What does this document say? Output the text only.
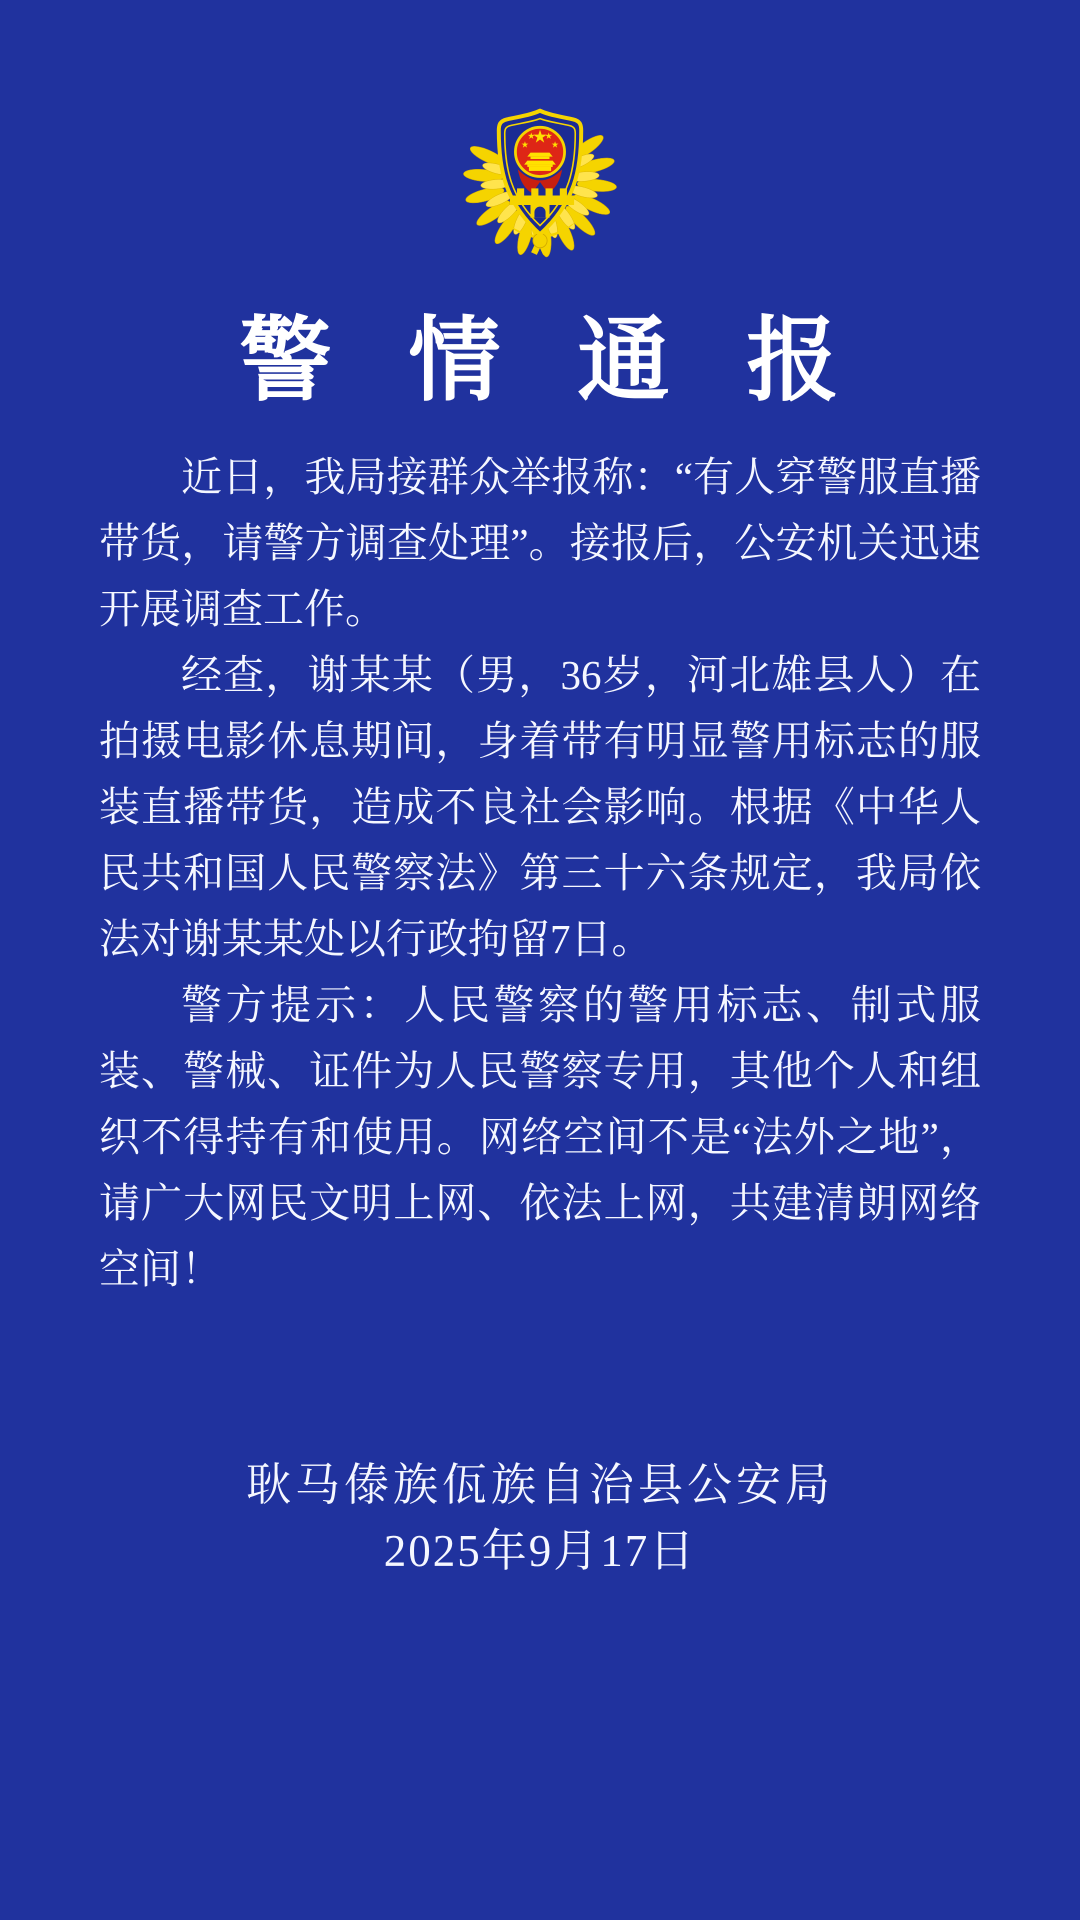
警 情 通 报

近日，我局接群众举报称：“有人穿警服直播带货，请警方调查处理”。接报后，公安机关迅速开展调查工作。

经查，谢某某（男，36岁，河北雄县人）在拍摄电影休息期间，身着带有明显警用标志的服装直播带货，造成不良社会影响。根据《中华人民共和国人民警察法》第三十六条规定，我局依法对谢某某处以行政拘留7日。

警方提示：人民警察的警用标志、制式服装、警械、证件为人民警察专用，其他个人和组织不得持有和使用。网络空间不是“法外之地”，请广大网民文明上网、依法上网，共建清朗网络空间！

耿马傣族佤族自治县公安局
2025年9月17日
